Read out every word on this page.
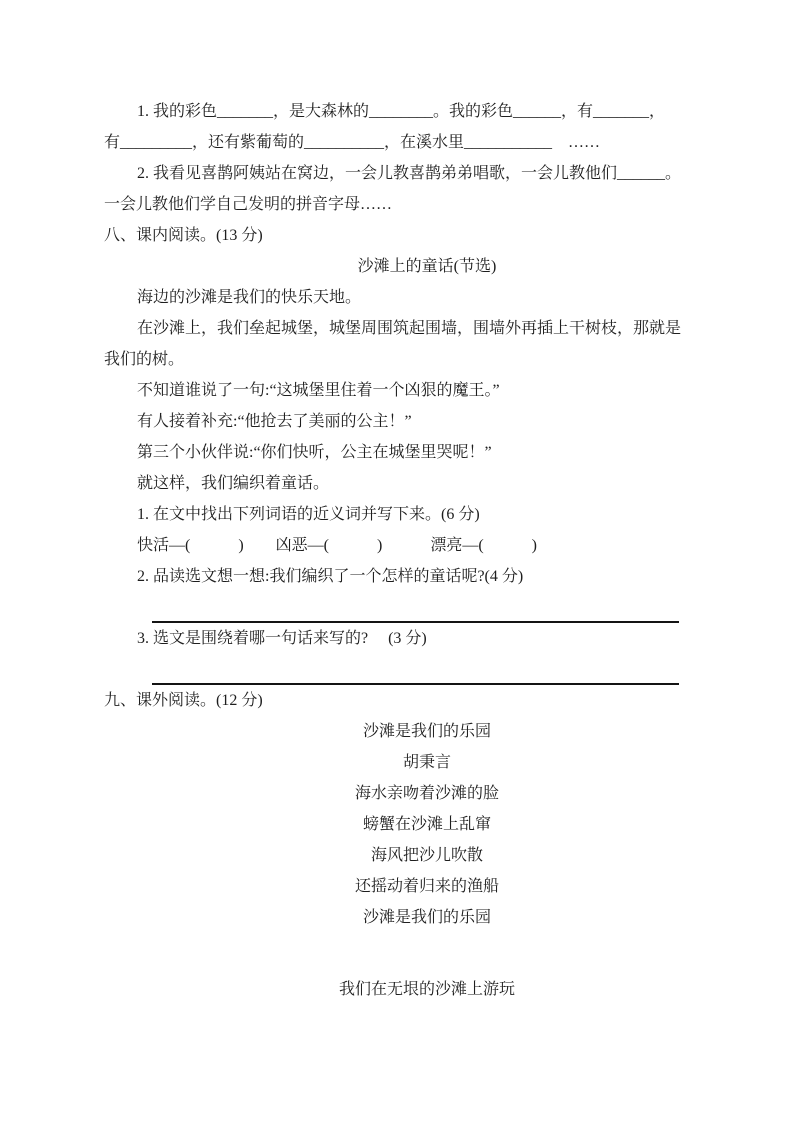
1. 我的彩色_______，是大森林的________。我的彩色______，有_______，

有_________，还有紫葡萄的__________，在溪水里___________　……

2. 我看见喜鹊阿姨站在窝边，一会儿教喜鹊弟弟唱歌，一会儿教他们______。

一会儿教他们学自己发明的拼音字母……

八、课内阅读。(13 分)

沙滩上的童话(节选)

海边的沙滩是我们的快乐天地。

在沙滩上，我们垒起城堡，城堡周围筑起围墙，围墙外再插上干树枝，那就是

我们的树。

不知道谁说了一句:“这城堡里住着一个凶狠的魔王。”

有人接着补充:“他抢去了美丽的公主！”

第三个小伙伴说:“你们快听，公主在城堡里哭呢！”

就这样，我们编织着童话。

1. 在文中找出下列词语的近义词并写下来。(6 分)

快活—(　　　)　　凶恶—(　　　)　　　漂亮—(　　　)

2. 品读选文想一想:我们编织了一个怎样的童话呢?(4 分)

3. 选文是围绕着哪一句话来写的?　 (3 分)

九、课外阅读。(12 分)

沙滩是我们的乐园

胡秉言

海水亲吻着沙滩的脸

螃蟹在沙滩上乱窜

海风把沙儿吹散

还摇动着归来的渔船

沙滩是我们的乐园

我们在无垠的沙滩上游玩
